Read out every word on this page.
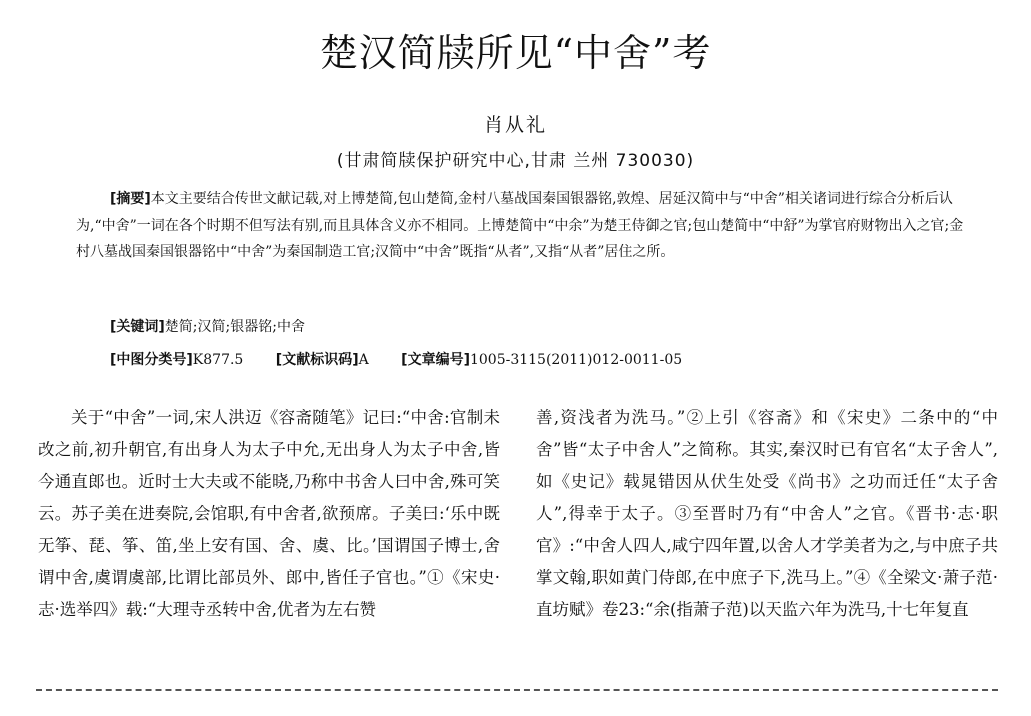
楚汉简牍所见“中舍”考
肖从礼
(甘肃简牍保护研究中心,甘肃 兰州 730030)

[摘要]本文主要结合传世文献记载,对上博楚简,包山楚简,金村八墓战国秦国银器铭,敦煌、居延汉简中与“中舍”相关诸词进行综合分析后认为,“中舍”一词在各个时期不但写法有别,而且具体含义亦不相同。上博楚简中“中余”为楚王侍御之官;包山楚简中“中舒”为掌官府财物出入之官;金村八墓战国秦国银器铭中“中舍”为秦国制造工官;汉简中“中舍”既指“从者”,又指“从者”居住之所。

[关键词]楚简;汉简;银器铭;中舍
[中图分类号]K877.5 [文献标识码]A [文章编号]1005-3115(2011)012-0011-05

关于“中舍”一词,宋人洪迈《容斋随笔》记曰:“中舍:官制未改之前,初升朝官,有出身人为太子中允,无出身人为太子中舍,皆今通直郎也。近时士大夫或不能晓,乃称中书舍人曰中舍,殊可笑云。苏子美在进奏院,会馆职,有中舍者,欲预席。子美曰:‘乐中既无筝、琵、筝、笛,坐上安有国、舍、虞、比。’国谓国子博士,舍谓中舍,虞谓虞部,比谓比部员外、郎中,皆任子官也。”①《宋史·志·选举四》载:“大理寺丞转中舍,优者为左右赞

善,资浅者为洗马。”②上引《容斋》和《宋史》二条中的“中舍”皆“太子中舍人”之简称。其实,秦汉时已有官名“太子舍人”,如《史记》载晁错因从伏生处受《尚书》之功而迁任“太子舍人”,得幸于太子。③至晋时乃有“中舍人”之官。《晋书·志·职官》:“中舍人四人,咸宁四年置,以舍人才学美者为之,与中庶子共掌文翰,职如黄门侍郎,在中庶子下,洗马上。”④《全梁文·萧子范·直坊赋》卷23:“余(指萧子范)以天监六年为洗马,十七年复直
